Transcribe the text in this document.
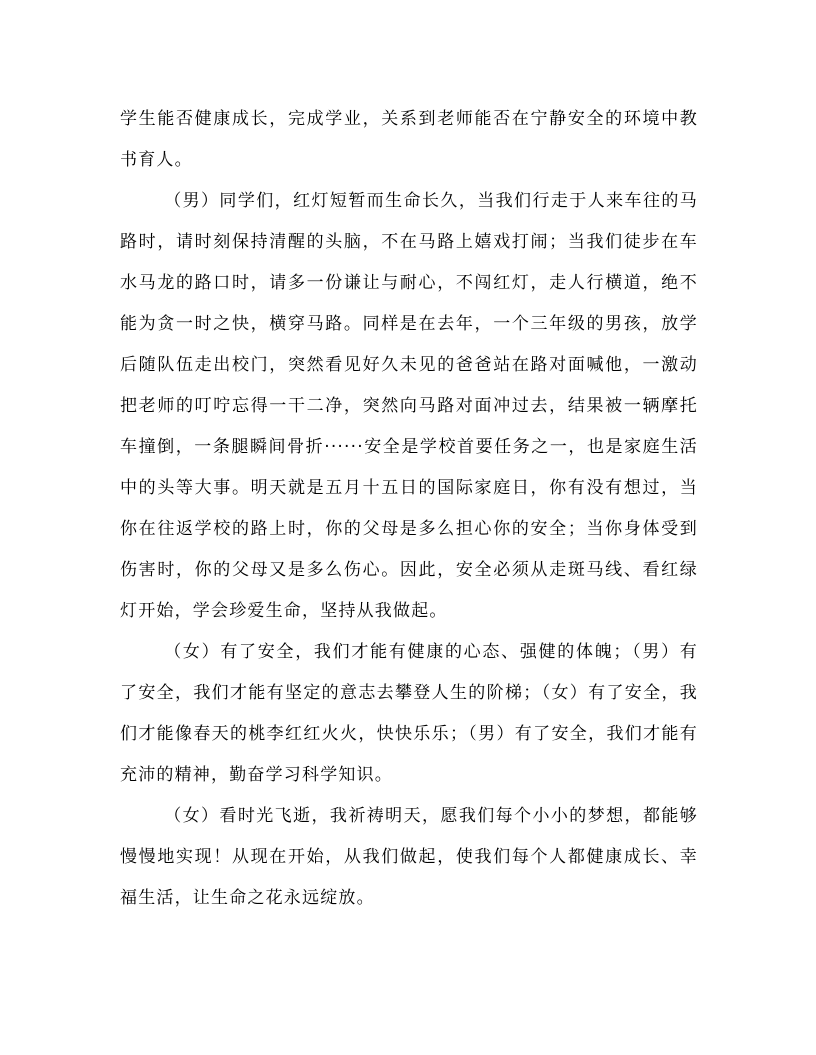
学生能否健康成长，完成学业，关系到老师能否在宁静安全的环境中教书育人。

（男）同学们，红灯短暂而生命长久，当我们行走于人来车往的马路时，请时刻保持清醒的头脑，不在马路上嬉戏打闹；当我们徒步在车水马龙的路口时，请多一份谦让与耐心，不闯红灯，走人行横道，绝不能为贪一时之快，横穿马路。同样是在去年，一个三年级的男孩，放学后随队伍走出校门，突然看见好久未见的爸爸站在路对面喊他，一激动把老师的叮咛忘得一干二净，突然向马路对面冲过去，结果被一辆摩托车撞倒，一条腿瞬间骨折······安全是学校首要任务之一，也是家庭生活中的头等大事。明天就是五月十五日的国际家庭日，你有没有想过，当你在往返学校的路上时，你的父母是多么担心你的安全；当你身体受到伤害时，你的父母又是多么伤心。因此，安全必须从走斑马线、看红绿灯开始，学会珍爱生命，坚持从我做起。

（女）有了安全，我们才能有健康的心态、强健的体魄；（男）有了安全，我们才能有坚定的意志去攀登人生的阶梯；（女）有了安全，我们才能像春天的桃李红红火火，快快乐乐；（男）有了安全，我们才能有充沛的精神，勤奋学习科学知识。

（女）看时光飞逝，我祈祷明天，愿我们每个小小的梦想，都能够慢慢地实现！从现在开始，从我们做起，使我们每个人都健康成长、幸福生活，让生命之花永远绽放。
